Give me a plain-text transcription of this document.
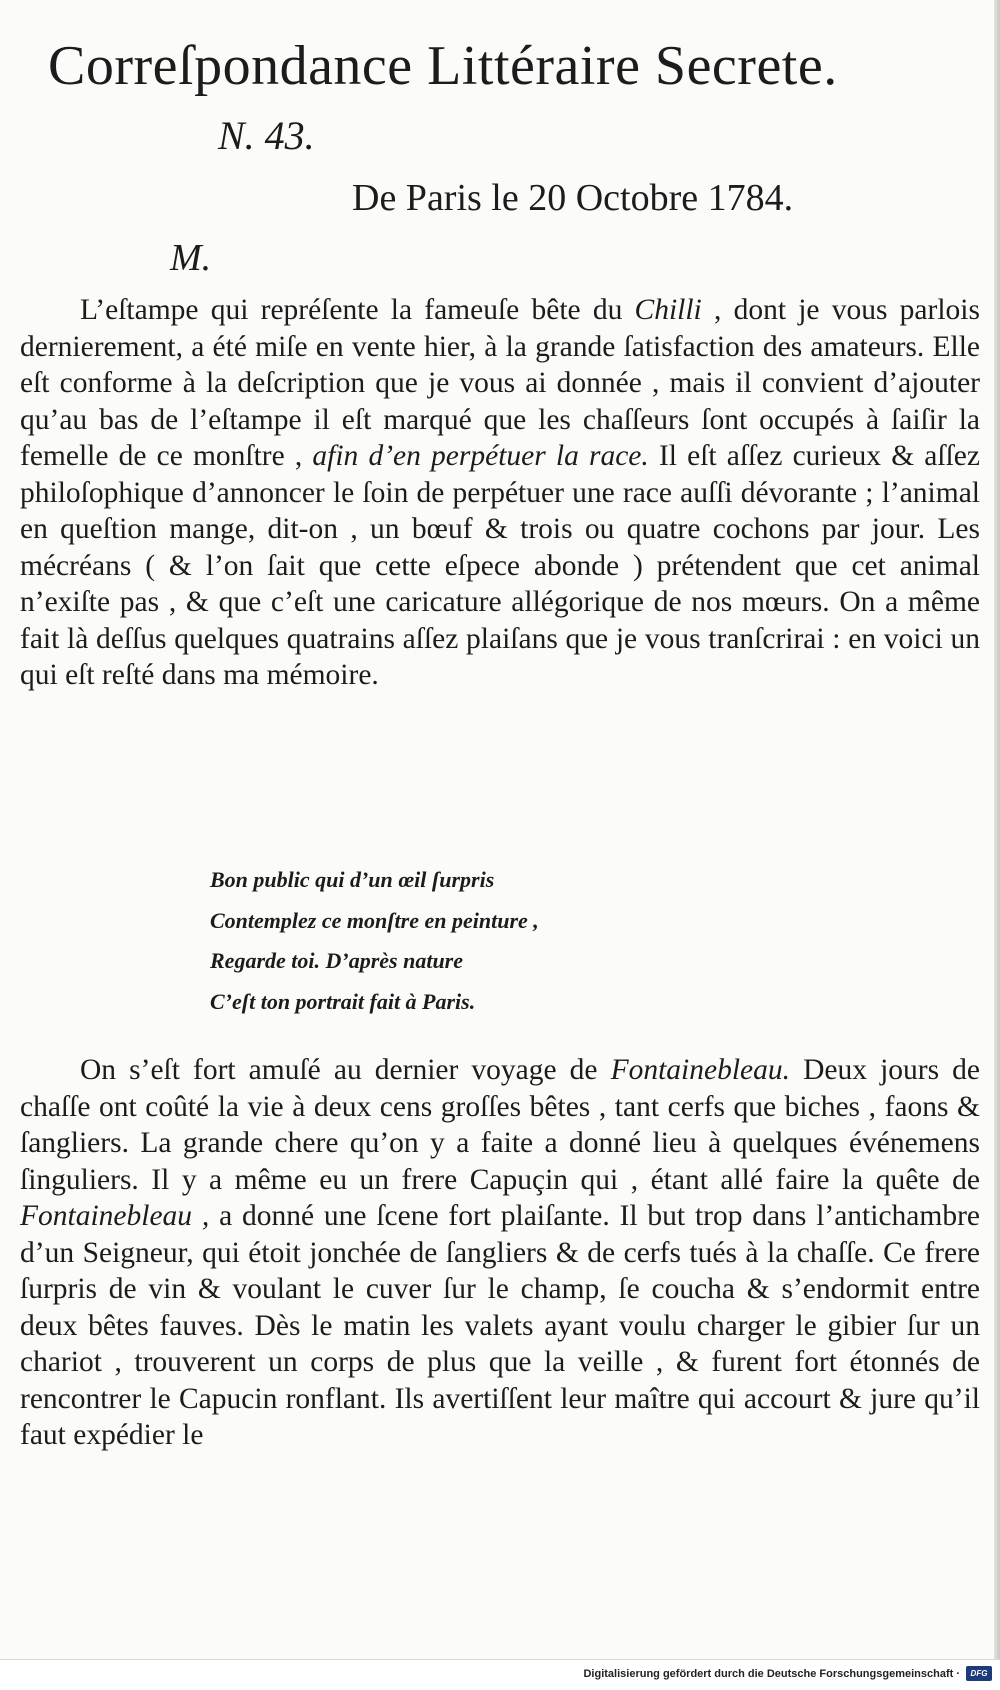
Correſpondance Littéraire Secrete.
N. 43.
De Paris le 20 Octobre 1784.
M.

L’eſtampe qui repréſente la fameuſe bête du Chilli , dont je vous parlois dernierement, a été miſe en vente hier, à la grande ſatisfaction des amateurs. Elle eſt conforme à la deſcription que je vous ai donnée , mais il convient d’ajouter qu’au bas de l’eſtampe il eſt marqué que les chaſſeurs ſont occupés à ſaiſir la femelle de ce monſtre , afin d’en perpétuer la race. Il eſt aſſez curieux & aſſez philoſophique d’annoncer le ſoin de perpétuer une race auſſi dévorante ; l’animal en queſtion mange, dit-on , un bœuf & trois ou quatre cochons par jour. Les mécréans ( & l’on ſait que cette eſpece abonde ) prétendent que cet animal n’exiſte pas , & que c’eſt une caricature allégorique de nos mœurs. On a même fait là deſſus quelques quatrains aſſez plaiſans que je vous tranſcrirai : en voici un qui eſt reſté dans ma mémoire.

Bon public qui d’un œil ſurpris
Contemplez ce monſtre en peinture ,
Regarde toi. D’après nature
C’eſt ton portrait fait à Paris.

On s’eſt fort amuſé au dernier voyage de Fontainebleau. Deux jours de chaſſe ont coûté la vie à deux cens groſſes bêtes , tant cerfs que biches , faons & ſangliers. La grande chere qu’on y a faite a donné lieu à quelques événemens ſinguliers. Il y a même eu un frere Capuçin qui , étant allé faire la quête de Fontainebleau , a donné une ſcene fort plaiſante. Il but trop dans l’antichambre d’un Seigneur, qui étoit jonchée de ſangliers & de cerfs tués à la chaſſe. Ce frere ſurpris de vin & voulant le cuver ſur le champ, ſe coucha & s’endormit entre deux bêtes fauves. Dès le matin les valets ayant voulu charger le gibier ſur un chariot , trouverent un corps de plus que la veille , & furent fort étonnés de rencontrer le Capucin ronflant. Ils avertiſſent leur maître qui accourt & jure qu’il faut expédier le

Digitalisierung gefördert durch die Deutsche Forschungsgemeinschaft ·	DFG
